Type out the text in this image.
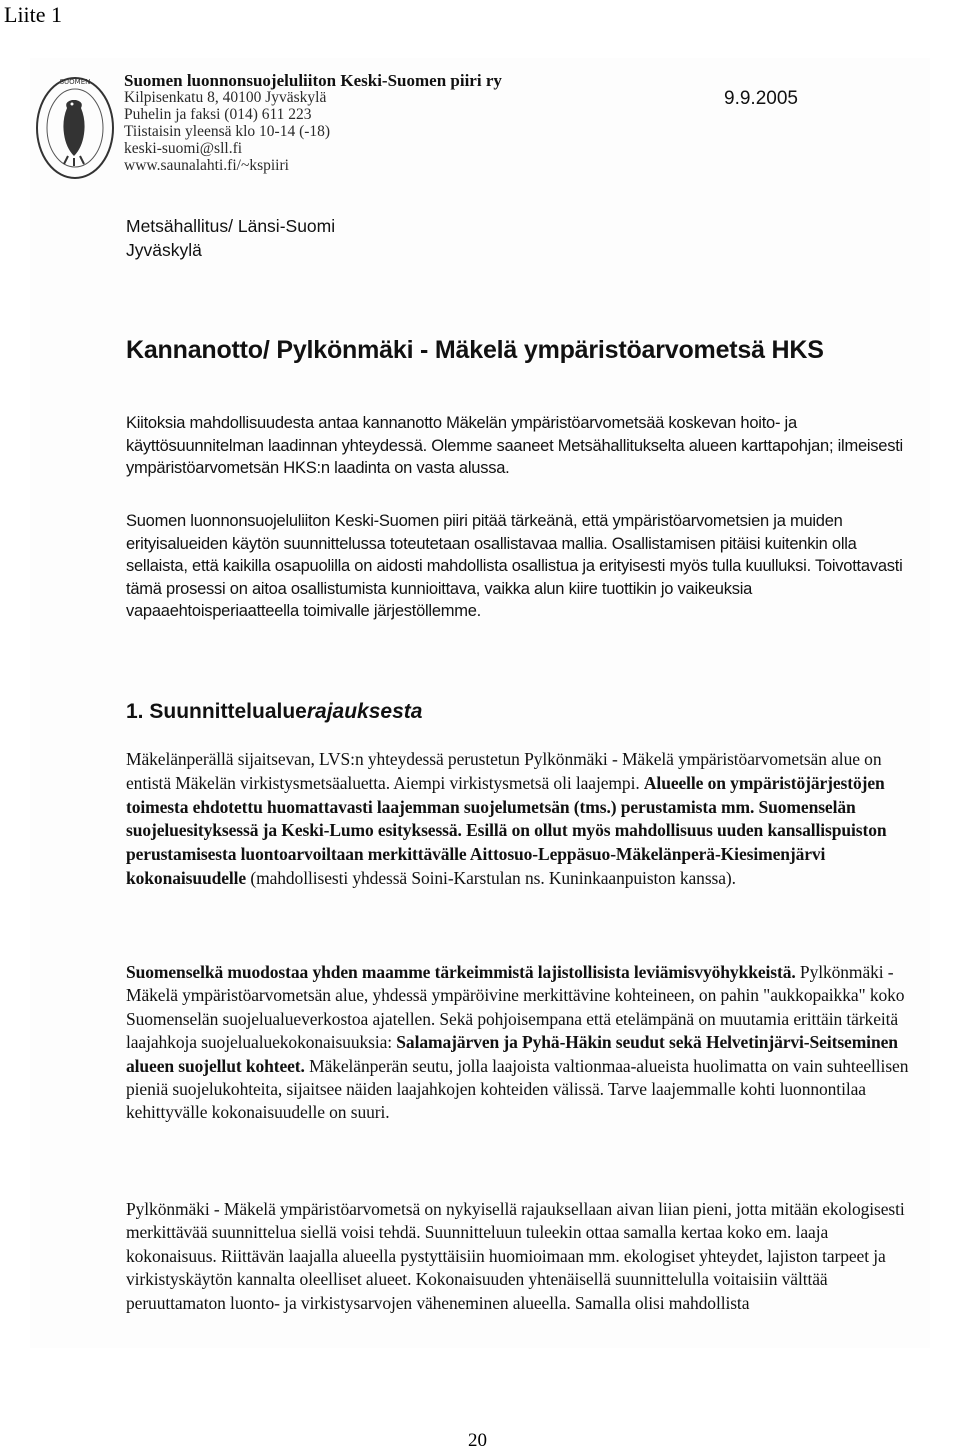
Liite 1
SUOMEN Suomen luonnonsuojeluliiton Keski-Suomen piiri ry
Kilpisenkatu 8, 40100 Jyväskylä
Puhelin ja faksi (014) 611 223
Tiistaisin yleensä klo 10-14 (-18)
keski-suomi@sll.fi
www.saunalahti.fi/~kspiiri
9.9.2005
Metsähallitus/ Länsi-Suomi
Jyväskylä
Kannanotto/ Pylkönmäki - Mäkelä ympäristöarvometsä HKS
Kiitoksia mahdollisuudesta antaa kannanotto Mäkelän ympäristöarvometsää koskevan hoito- ja käyttösuunnitelman laadinnan yhteydessä. Olemme saaneet Metsähallitukselta alueen karttapohjan; ilmeisesti ympäristöarvometsän HKS:n laadinta on vasta alussa.
Suomen luonnonsuojeluliiton Keski-Suomen piiri pitää tärkeänä, että ympäristöarvometsien ja muiden erityisalueiden käytön suunnittelussa toteutetaan osallistavaa mallia. Osallistamisen pitäisi kuitenkin olla sellaista, että kaikilla osapuolilla on aidosti mahdollista osallistua ja erityisesti myös tulla kuulluksi. Toivottavasti tämä prosessi on aitoa osallistumista kunnioittava, vaikka alun kiire tuottikin jo vaikeuksia vapaaehtoisperiaatteella toimivalle järjestöllemme.
1. Suunnittelualuerajauksesta
Mäkelänperällä sijaitsevan, LVS:n yhteydessä perustetun Pylkönmäki - Mäkelä ympäristöarvometsän alue on entistä Mäkelän virkistysmetsäaluetta. Aiempi virkistysmetsä oli laajempi. Alueelle on ympäristöjärjestöjen toimesta ehdotettu huomattavasti laajemman suojelumetsän (tms.) perustamista mm. Suomenselän suojeluesityksessä ja Keski-Lumo esityksessä. Esillä on ollut myös mahdollisuus uuden kansallispuiston perustamisesta luontoarvoiltaan merkittävälle Aittosuo-Leppäsuo-Mäkelänperä-Kiesimenjärvi kokonaisuudelle (mahdollisesti yhdessä Soini-Karstulan ns. Kuninkaanpuiston kanssa).
Suomenselkä muodostaa yhden maamme tärkeimmistä lajistollisista leviämisvyöhykkeistä. Pylkönmäki - Mäkelä ympäristöarvometsän alue, yhdessä ympäröivine merkittävine kohteineen, on pahin "aukkopaikka" koko Suomenselän suojelualueverkostoa ajatellen. Sekä pohjoisempana että etelämpänä on muutamia erittäin tärkeitä laajahkoja suojelualuekokonaisuuksia: Salamajärven ja Pyhä-Häkin seudut sekä Helvetinjärvi-Seitseminen alueen suojellut kohteet. Mäkelänperän seutu, jolla laajoista valtionmaa-alueista huolimatta on vain suhteellisen pieniä suojelukohteita, sijaitsee näiden laajahkojen kohteiden välissä. Tarve laajemmalle kohti luonnontilaa kehittyvälle kokonaisuudelle on suuri.
Pylkönmäki - Mäkelä ympäristöarvometsä on nykyisellä rajauksellaan aivan liian pieni, jotta mitään ekologisesti merkittävää suunnittelua siellä voisi tehdä. Suunnitteluun tuleekin ottaa samalla kertaa koko em. laaja kokonaisuus. Riittävän laajalla alueella pystyttäisiin huomioimaan mm. ekologiset yhteydet, lajiston tarpeet ja virkistyskäytön kannalta oleelliset alueet. Kokonaisuuden yhtenäisellä suunnittelulla voitaisiin välttää peruuttamaton luonto- ja virkistysarvojen väheneminen alueella. Samalla olisi mahdollista
20
